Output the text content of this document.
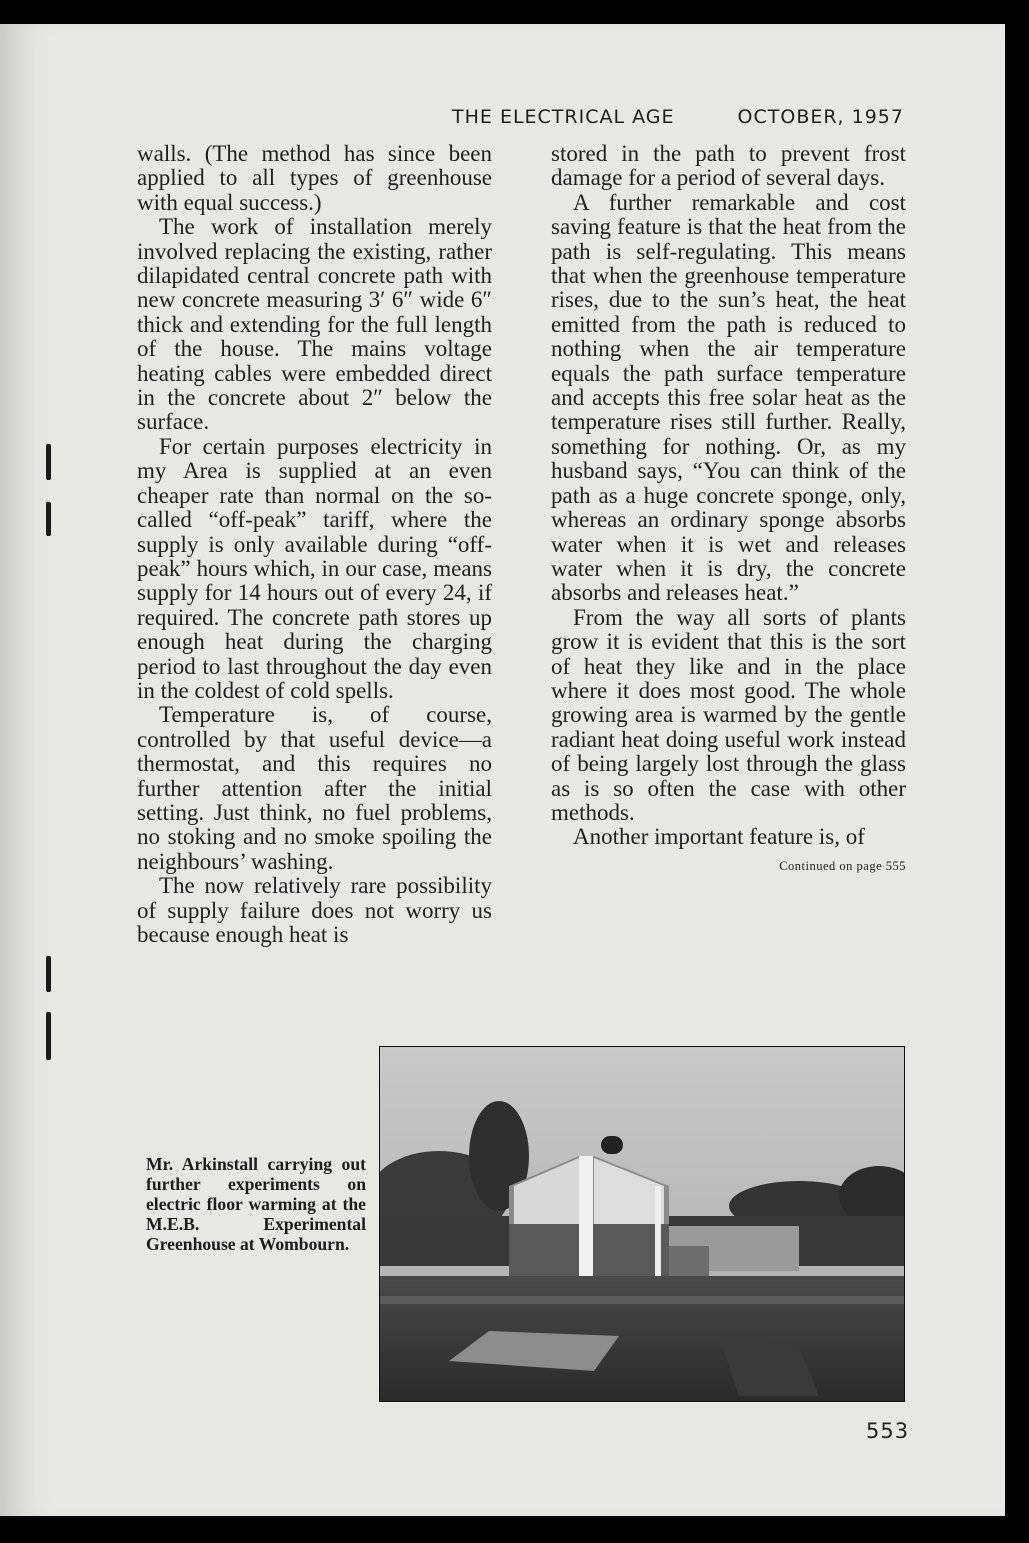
THE ELECTRICAL AGE	OCTOBER, 1957

walls. (The method has since been applied to all types of greenhouse with equal success.)

The work of installation merely involved replacing the existing, rather dilapidated central concrete path with new concrete measuring 3′ 6″ wide 6″ thick and extending for the full length of the house. The mains voltage heating cables were embedded direct in the concrete about 2″ below the surface.

For certain purposes electricity in my Area is supplied at an even cheaper rate than normal on the so-called “off-peak” tariff, where the supply is only available during “off-peak” hours which, in our case, means supply for 14 hours out of every 24, if required. The concrete path stores up enough heat during the charging period to last throughout the day even in the coldest of cold spells.

Temperature is, of course, controlled by that useful device—a thermostat, and this requires no further attention after the initial setting. Just think, no fuel problems, no stoking and no smoke spoiling the neighbours’ washing.

The now relatively rare possibility of supply failure does not worry us because enough heat is

stored in the path to prevent frost damage for a period of several days.

A further remarkable and cost saving feature is that the heat from the path is self-regulating. This means that when the greenhouse temperature rises, due to the sun’s heat, the heat emitted from the path is reduced to nothing when the air temperature equals the path surface temperature and accepts this free solar heat as the temperature rises still further. Really, something for nothing. Or, as my husband says, “You can think of the path as a huge concrete sponge, only, whereas an ordinary sponge absorbs water when it is wet and releases water when it is dry, the concrete absorbs and releases heat.”

From the way all sorts of plants grow it is evident that this is the sort of heat they like and in the place where it does most good. The whole growing area is warmed by the gentle radiant heat doing useful work instead of being largely lost through the glass as is so often the case with other methods.

Another important feature is, of

Continued on page 555
Mr. Arkinstall carrying out further experiments on electric floor warming at the M.E.B. Experimental Greenhouse at Wombourn.
553
